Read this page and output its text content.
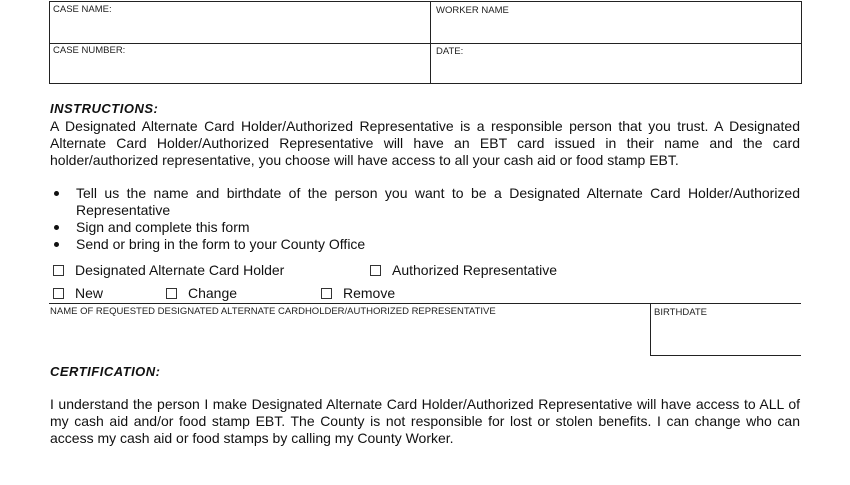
CASE NAME:	WORKER NAME
CASE NUMBER:	DATE:
INSTRUCTIONS:
A Designated Alternate Card Holder/Authorized Representative is a responsible person that you trust. A Designated Alternate Card Holder/Authorized Representative will have an EBT card issued in their name and the card holder/authorized representative, you choose will have access to all your cash aid or food stamp EBT.
Tell us the name and birthdate of the person you want to be a Designated Alternate Card Holder/Authorized Representative
Sign and complete this form
Send or bring in the form to your County Office
Designated Alternate Card Holder	Authorized Representative
New	Change	Remove
NAME OF REQUESTED DESIGNATED ALTERNATE CARDHOLDER/AUTHORIZED REPRESENTATIVE	BIRTHDATE
CERTIFICATION:
I understand the person I make Designated Alternate Card Holder/Authorized Representative will have access to ALL of my cash aid and/or food stamp EBT. The County is not responsible for lost or stolen benefits. I can change who can access my cash aid or food stamps by calling my County Worker.
